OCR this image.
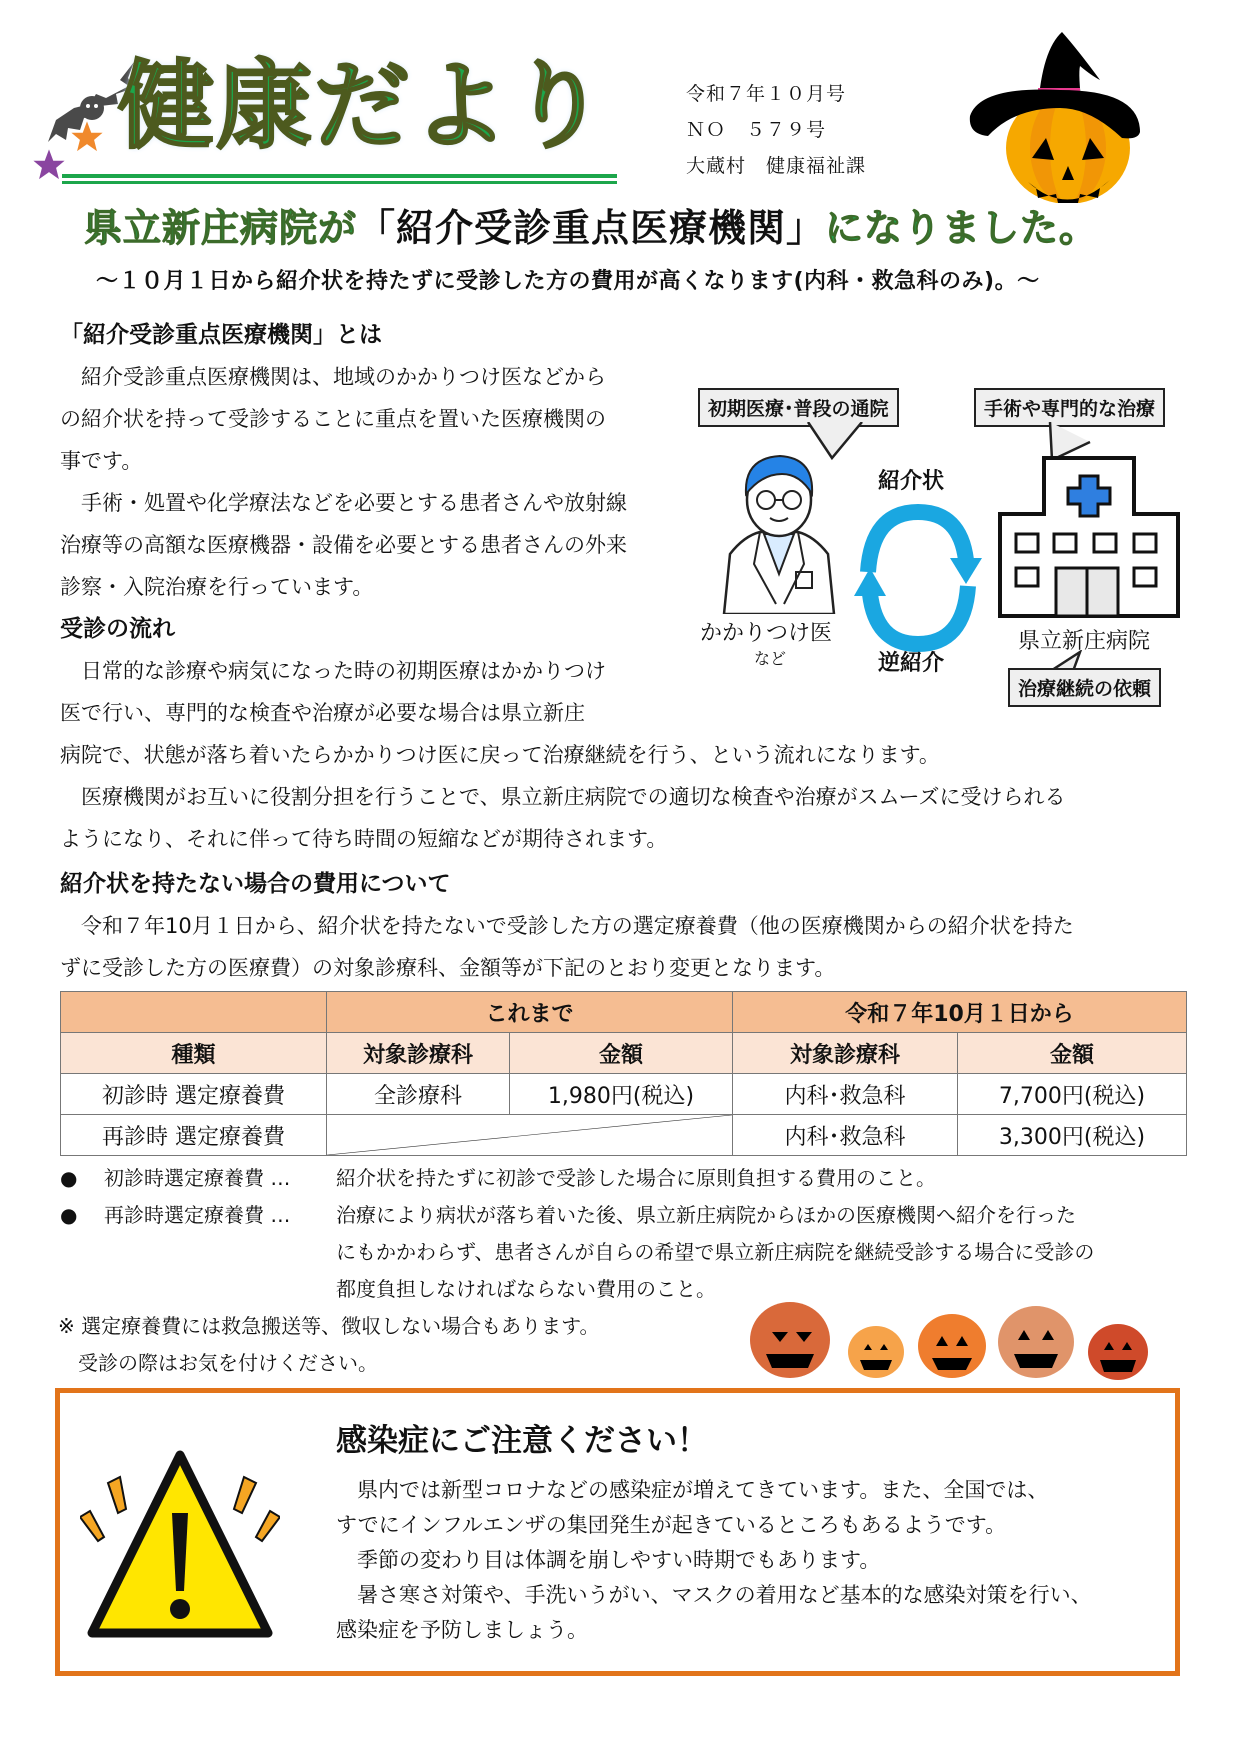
健康だより	令和７年１０月号
ＮＯ　５７９号
大蔵村　健康福祉課
県立新庄病院が「紹介受診重点医療機関」になりました。
～１０月１日から紹介状を持たずに受診した方の費用が高くなります(内科・救急科のみ)。～
「紹介受診重点医療機関」とは
　紹介受診重点医療機関は、地域のかかりつけ医などから
の紹介状を持って受診することに重点を置いた医療機関の
事です。
　手術・処置や化学療法などを必要とする患者さんや放射線
治療等の高額な医療機器・設備を必要とする患者さんの外来
診察・入院治療を行っています。
初期医療･普段の通院	手術や専門的な治療
かかりつけ医
など
紹介状
逆紹介
県立新庄病院
治療継続の依頼
受診の流れ
　日常的な診療や病気になった時の初期医療はかかりつけ
医で行い、専門的な検査や治療が必要な場合は県立新庄
病院で、状態が落ち着いたらかかりつけ医に戻って治療継続を行う、という流れになります。
　医療機関がお互いに役割分担を行うことで、県立新庄病院での適切な検査や治療がスムーズに受けられる
ようになり、それに伴って待ち時間の短縮などが期待されます。
紹介状を持たない場合の費用について
　令和７年10月１日から、紹介状を持たないで受診した方の選定療養費（他の医療機関からの紹介状を持た
ずに受診した方の医療費）の対象診療科、金額等が下記のとおり変更となります。
	これまで		令和７年10月１日から	
種類	対象診療科	金額	対象診療科	金額
初診時 選定療養費	全診療科	1,980円(税込)	内科･救急科	7,700円(税込)
再診時 選定療養費			内科･救急科	3,300円(税込)
● 初診時選定療養費 … 紹介状を持たずに初診で受診した場合に原則負担する費用のこと。
● 再診時選定療養費 … 治療により病状が落ち着いた後、県立新庄病院からほかの医療機関へ紹介を行った
にもかかわらず、患者さんが自らの希望で県立新庄病院を継続受診する場合に受診の
都度負担しなければならない費用のこと。
※ 選定療養費には救急搬送等、徴収しない場合もあります。
　受診の際はお気を付けください。
感染症にご注意ください！
　県内では新型コロナなどの感染症が増えてきています。また、全国では、
すでにインフルエンザの集団発生が起きているところもあるようです。
　季節の変わり目は体調を崩しやすい時期でもあります。
　暑さ寒さ対策や、手洗いうがい、マスクの着用など基本的な感染対策を行い、
感染症を予防しましょう。
